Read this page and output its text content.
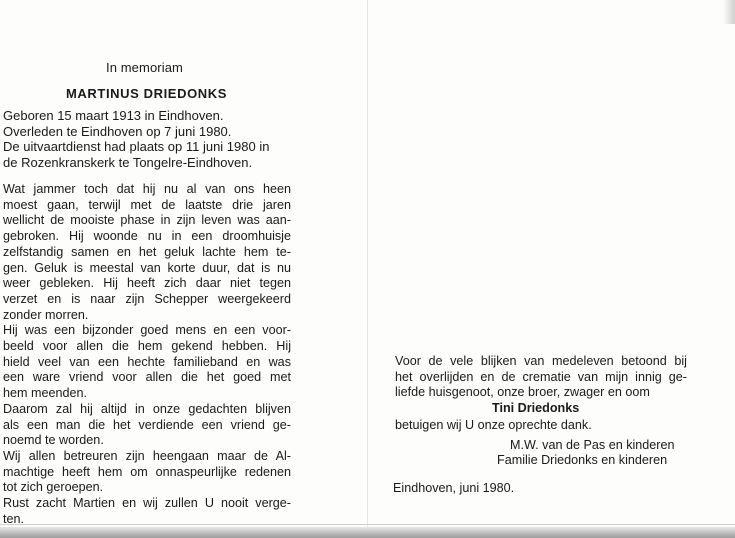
In memoriam
MARTINUS DRIEDONKS
Geboren 15 maart 1913 in Eindhoven.
Overleden te Eindhoven op 7 juni 1980.
De uitvaartdienst had plaats op 11 juni 1980 in
de Rozenkranskerk te Tongelre-Eindhoven.
Wat jammer toch dat hij nu al van ons heen
moest gaan, terwijl met de laatste drie jaren
wellicht de mooiste phase in zijn leven was aan-
gebroken. Hij woonde nu in een droomhuisje
zelfstandig samen en het geluk lachte hem te-
gen. Geluk is meestal van korte duur, dat is nu
weer gebleken. Hij heeft zich daar niet tegen
verzet en is naar zijn Schepper weergekeerd
zonder morren.
Hij was een bijzonder goed mens en een voor-
beeld voor allen die hem gekend hebben. Hij
hield veel van een hechte familieband en was
een ware vriend voor allen die het goed met
hem meenden.
Daarom zal hij altijd in onze gedachten blijven
als een man die het verdiende een vriend ge-
noemd te worden.
Wij allen betreuren zijn heengaan maar de Al-
machtige heeft hem om onnaspeurlijke redenen
tot zich geroepen.
Rust zacht Martien en wij zullen U nooit verge-
ten.
Voor de vele blijken van medeleven betoond bij
het overlijden en de crematie van mijn innig ge-
liefde huisgenoot, onze broer, zwager en oom
Tini Driedonks
betuigen wij U onze oprechte dank.
M.W. van de Pas en kinderen
Familie Driedonks en kinderen
Eindhoven, juni 1980.
